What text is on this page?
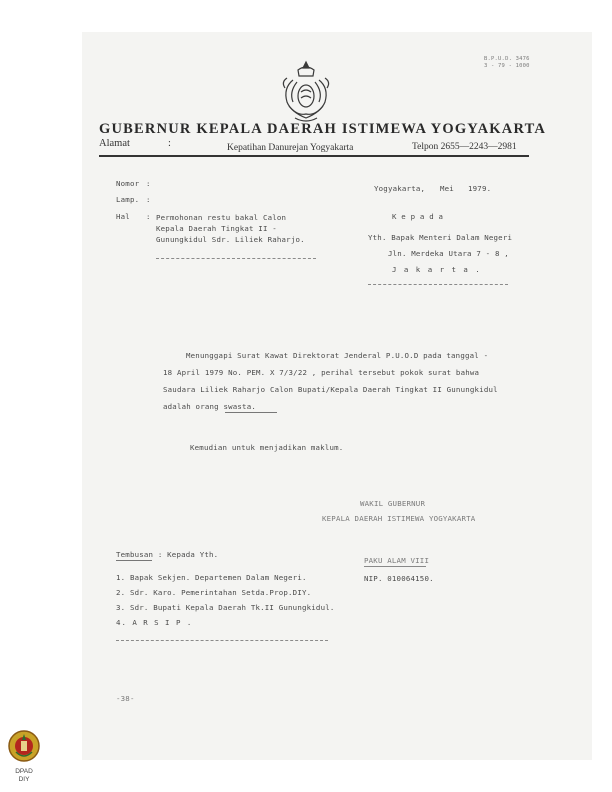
B.P.U.D. 3476
3 - 79 - 1000
GUBERNUR KEPALA DAERAH ISTIMEWA YOGYAKARTA
Alamat	:	Kepatihan Danurejan Yogyakarta	Telpon 2655—2243—2981
Nomor :
Lamp. :
Hal : Permohonan restu bakal Calon
Kepala Daerah Tingkat II -
Gunungkidul Sdr. Liliek Raharjo.
Yogyakarta, Mei 1979.
K e p a d a
Yth. Bapak Menteri Dalam Negeri
Jln. Merdeka Utara 7 - 8 ,
J a k a r t a .
Menunggapi Surat Kawat Direktorat Jenderal P.U.O.D pada tanggal -
18 April 1979 No. PEM. X 7/3/22 , perihal tersebut pokok surat bahwa
Saudara Liliek Raharjo Calon Bupati/Kepala Daerah Tingkat II Gunungkidul
adalah orang swasta.
Kemudian untuk menjadikan maklum.
WAKIL GUBERNUR
KEPALA DAERAH ISTIMEWA YOGYAKARTA
PAKU ALAM VIII
NIP. 010064150.
Tembusan : Kepada Yth.
1. Bapak Sekjen. Departemen Dalam Negeri.
2. Sdr. Karo. Pemerintahan Setda.Prop.DIY.
3. Sdr. Bupati Kepala Daerah Tk.II Gunungkidul.
4. A R S I P .
-38-
DPAD
DIY
